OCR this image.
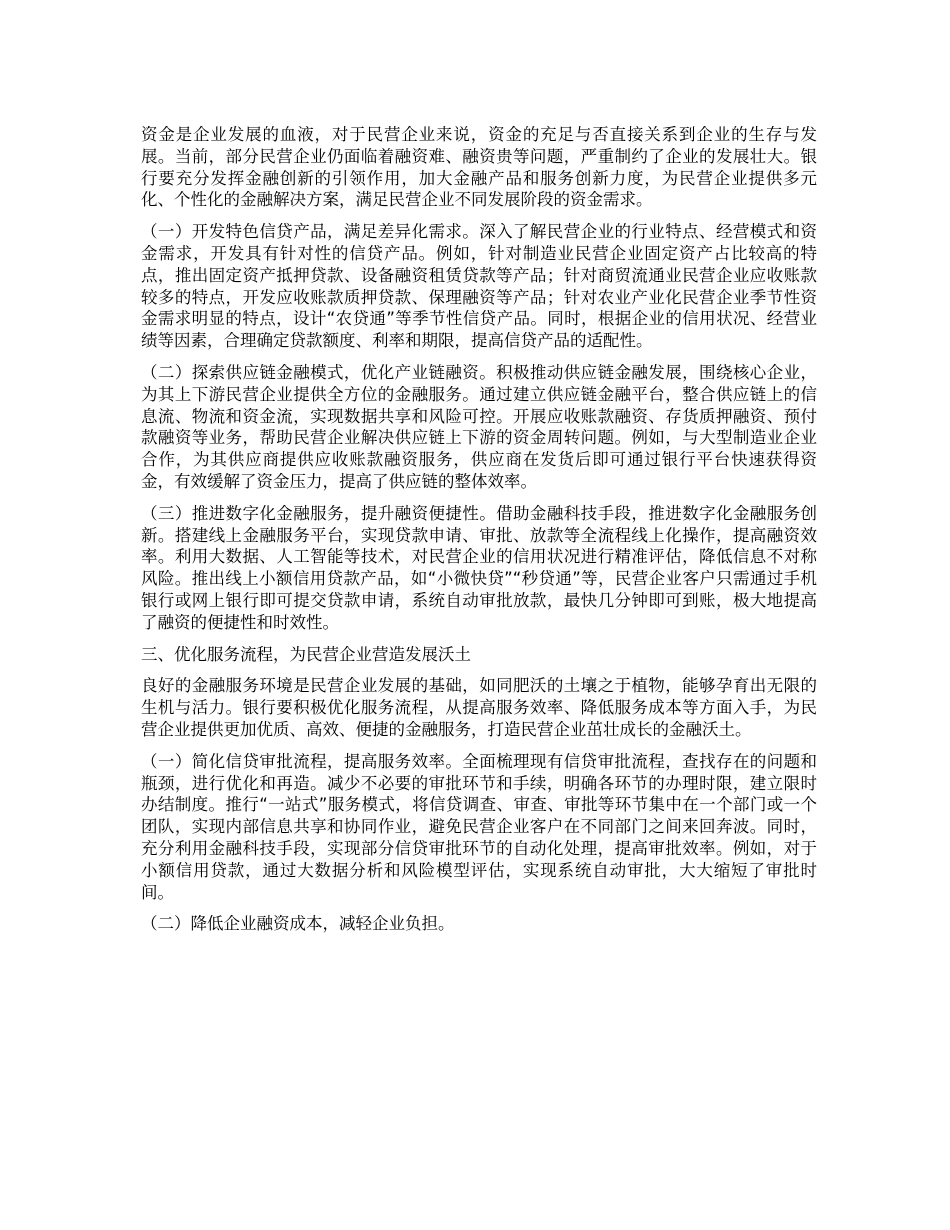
资金是企业发展的血液，对于民营企业来说，资金的充足与否直接关系到企业的生存与发展。当前，部分民营企业仍面临着融资难、融资贵等问题，严重制约了企业的发展壮大。银行要充分发挥金融创新的引领作用，加大金融产品和服务创新力度，为民营企业提供多元化、个性化的金融解决方案，满足民营企业不同发展阶段的资金需求。

（一）开发特色信贷产品，满足差异化需求。深入了解民营企业的行业特点、经营模式和资金需求，开发具有针对性的信贷产品。例如，针对制造业民营企业固定资产占比较高的特点，推出固定资产抵押贷款、设备融资租赁贷款等产品；针对商贸流通业民营企业应收账款较多的特点，开发应收账款质押贷款、保理融资等产品；针对农业产业化民营企业季节性资金需求明显的特点，设计“农贷通”等季节性信贷产品。同时，根据企业的信用状况、经营业绩等因素，合理确定贷款额度、利率和期限，提高信贷产品的适配性。

（二）探索供应链金融模式，优化产业链融资。积极推动供应链金融发展，围绕核心企业，为其上下游民营企业提供全方位的金融服务。通过建立供应链金融平台，整合供应链上的信息流、物流和资金流，实现数据共享和风险可控。开展应收账款融资、存货质押融资、预付款融资等业务，帮助民营企业解决供应链上下游的资金周转问题。例如，与大型制造业企业合作，为其供应商提供应收账款融资服务，供应商在发货后即可通过银行平台快速获得资金，有效缓解了资金压力，提高了供应链的整体效率。

（三）推进数字化金融服务，提升融资便捷性。借助金融科技手段，推进数字化金融服务创新。搭建线上金融服务平台，实现贷款申请、审批、放款等全流程线上化操作，提高融资效率。利用大数据、人工智能等技术，对民营企业的信用状况进行精准评估，降低信息不对称风险。推出线上小额信用贷款产品，如“小微快贷”“秒贷通”等，民营企业客户只需通过手机银行或网上银行即可提交贷款申请，系统自动审批放款，最快几分钟即可到账，极大地提高了融资的便捷性和时效性。

三、优化服务流程，为民营企业营造发展沃土

良好的金融服务环境是民营企业发展的基础，如同肥沃的土壤之于植物，能够孕育出无限的生机与活力。银行要积极优化服务流程，从提高服务效率、降低服务成本等方面入手，为民营企业提供更加优质、高效、便捷的金融服务，打造民营企业茁壮成长的金融沃土。

（一）简化信贷审批流程，提高服务效率。全面梳理现有信贷审批流程，查找存在的问题和瓶颈，进行优化和再造。减少不必要的审批环节和手续，明确各环节的办理时限，建立限时办结制度。推行“一站式”服务模式，将信贷调查、审查、审批等环节集中在一个部门或一个团队，实现内部信息共享和协同作业，避免民营企业客户在不同部门之间来回奔波。同时，充分利用金融科技手段，实现部分信贷审批环节的自动化处理，提高审批效率。例如，对于小额信用贷款，通过大数据分析和风险模型评估，实现系统自动审批，大大缩短了审批时间。

（二）降低企业融资成本，减轻企业负担。
